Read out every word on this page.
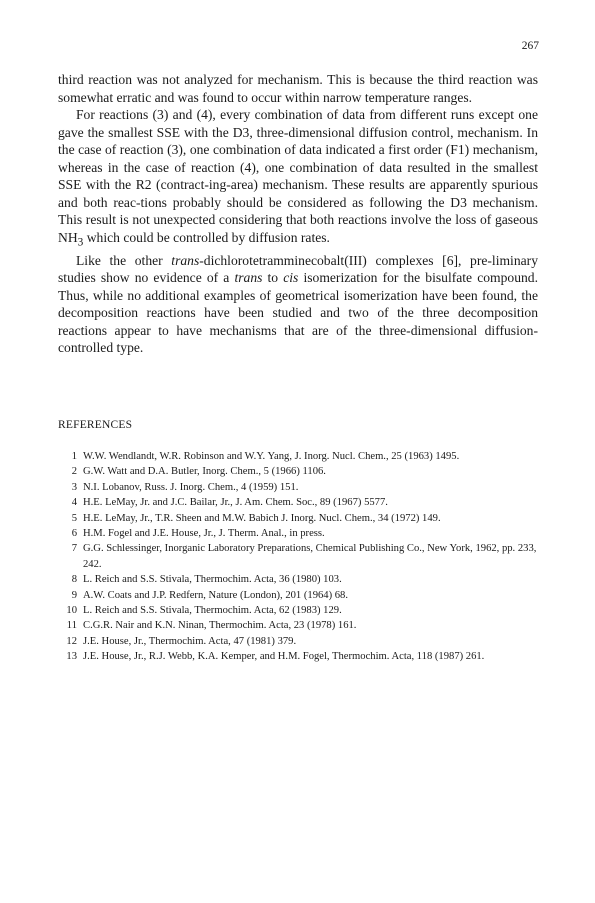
267

third reaction was not analyzed for mechanism. This is because the third reaction was somewhat erratic and was found to occur within narrow temperature ranges.

For reactions (3) and (4), every combination of data from different runs except one gave the smallest SSE with the D3, three-dimensional diffusion control, mechanism. In the case of reaction (3), one combination of data indicated a first order (F1) mechanism, whereas in the case of reaction (4), one combination of data resulted in the smallest SSE with the R2 (contract-ing-area) mechanism. These results are apparently spurious and both reac-tions probably should be considered as following the D3 mechanism. This result is not unexpected considering that both reactions involve the loss of gaseous $NH_3$ which could be controlled by diffusion rates.

Like the other trans-dichlorotetramminecobalt(III) complexes [6], pre-liminary studies show no evidence of a trans to cis isomerization for the bisulfate compound. Thus, while no additional examples of geometrical isomerization have been found, the decomposition reactions have been studied and two of the three decomposition reactions appear to have mechanisms that are of the three-dimensional diffusion-controlled type.

REFERENCES
1 W.W. Wendlandt, W.R. Robinson and W.Y. Yang, J. Inorg. Nucl. Chem., 25 (1963) 1495.
2 G.W. Watt and D.A. Butler, Inorg. Chem., 5 (1966) 1106.
3 N.I. Lobanov, Russ. J. Inorg. Chem., 4 (1959) 151.
4 H.E. LeMay, Jr. and J.C. Bailar, Jr., J. Am. Chem. Soc., 89 (1967) 5577.
5 H.E. LeMay, Jr., T.R. Sheen and M.W. Babich J. Inorg. Nucl. Chem., 34 (1972) 149.
6 H.M. Fogel and J.E. House, Jr., J. Therm. Anal., in press.
7 G.G. Schlessinger, Inorganic Laboratory Preparations, Chemical Publishing Co., New York, 1962, pp. 233, 242.
8 L. Reich and S.S. Stivala, Thermochim. Acta, 36 (1980) 103.
9 A.W. Coats and J.P. Redfern, Nature (London), 201 (1964) 68.
10 L. Reich and S.S. Stivala, Thermochim. Acta, 62 (1983) 129.
11 C.G.R. Nair and K.N. Ninan, Thermochim. Acta, 23 (1978) 161.
12 J.E. House, Jr., Thermochim. Acta, 47 (1981) 379.
13 J.E. House, Jr., R.J. Webb, K.A. Kemper, and H.M. Fogel, Thermochim. Acta, 118 (1987) 261.
